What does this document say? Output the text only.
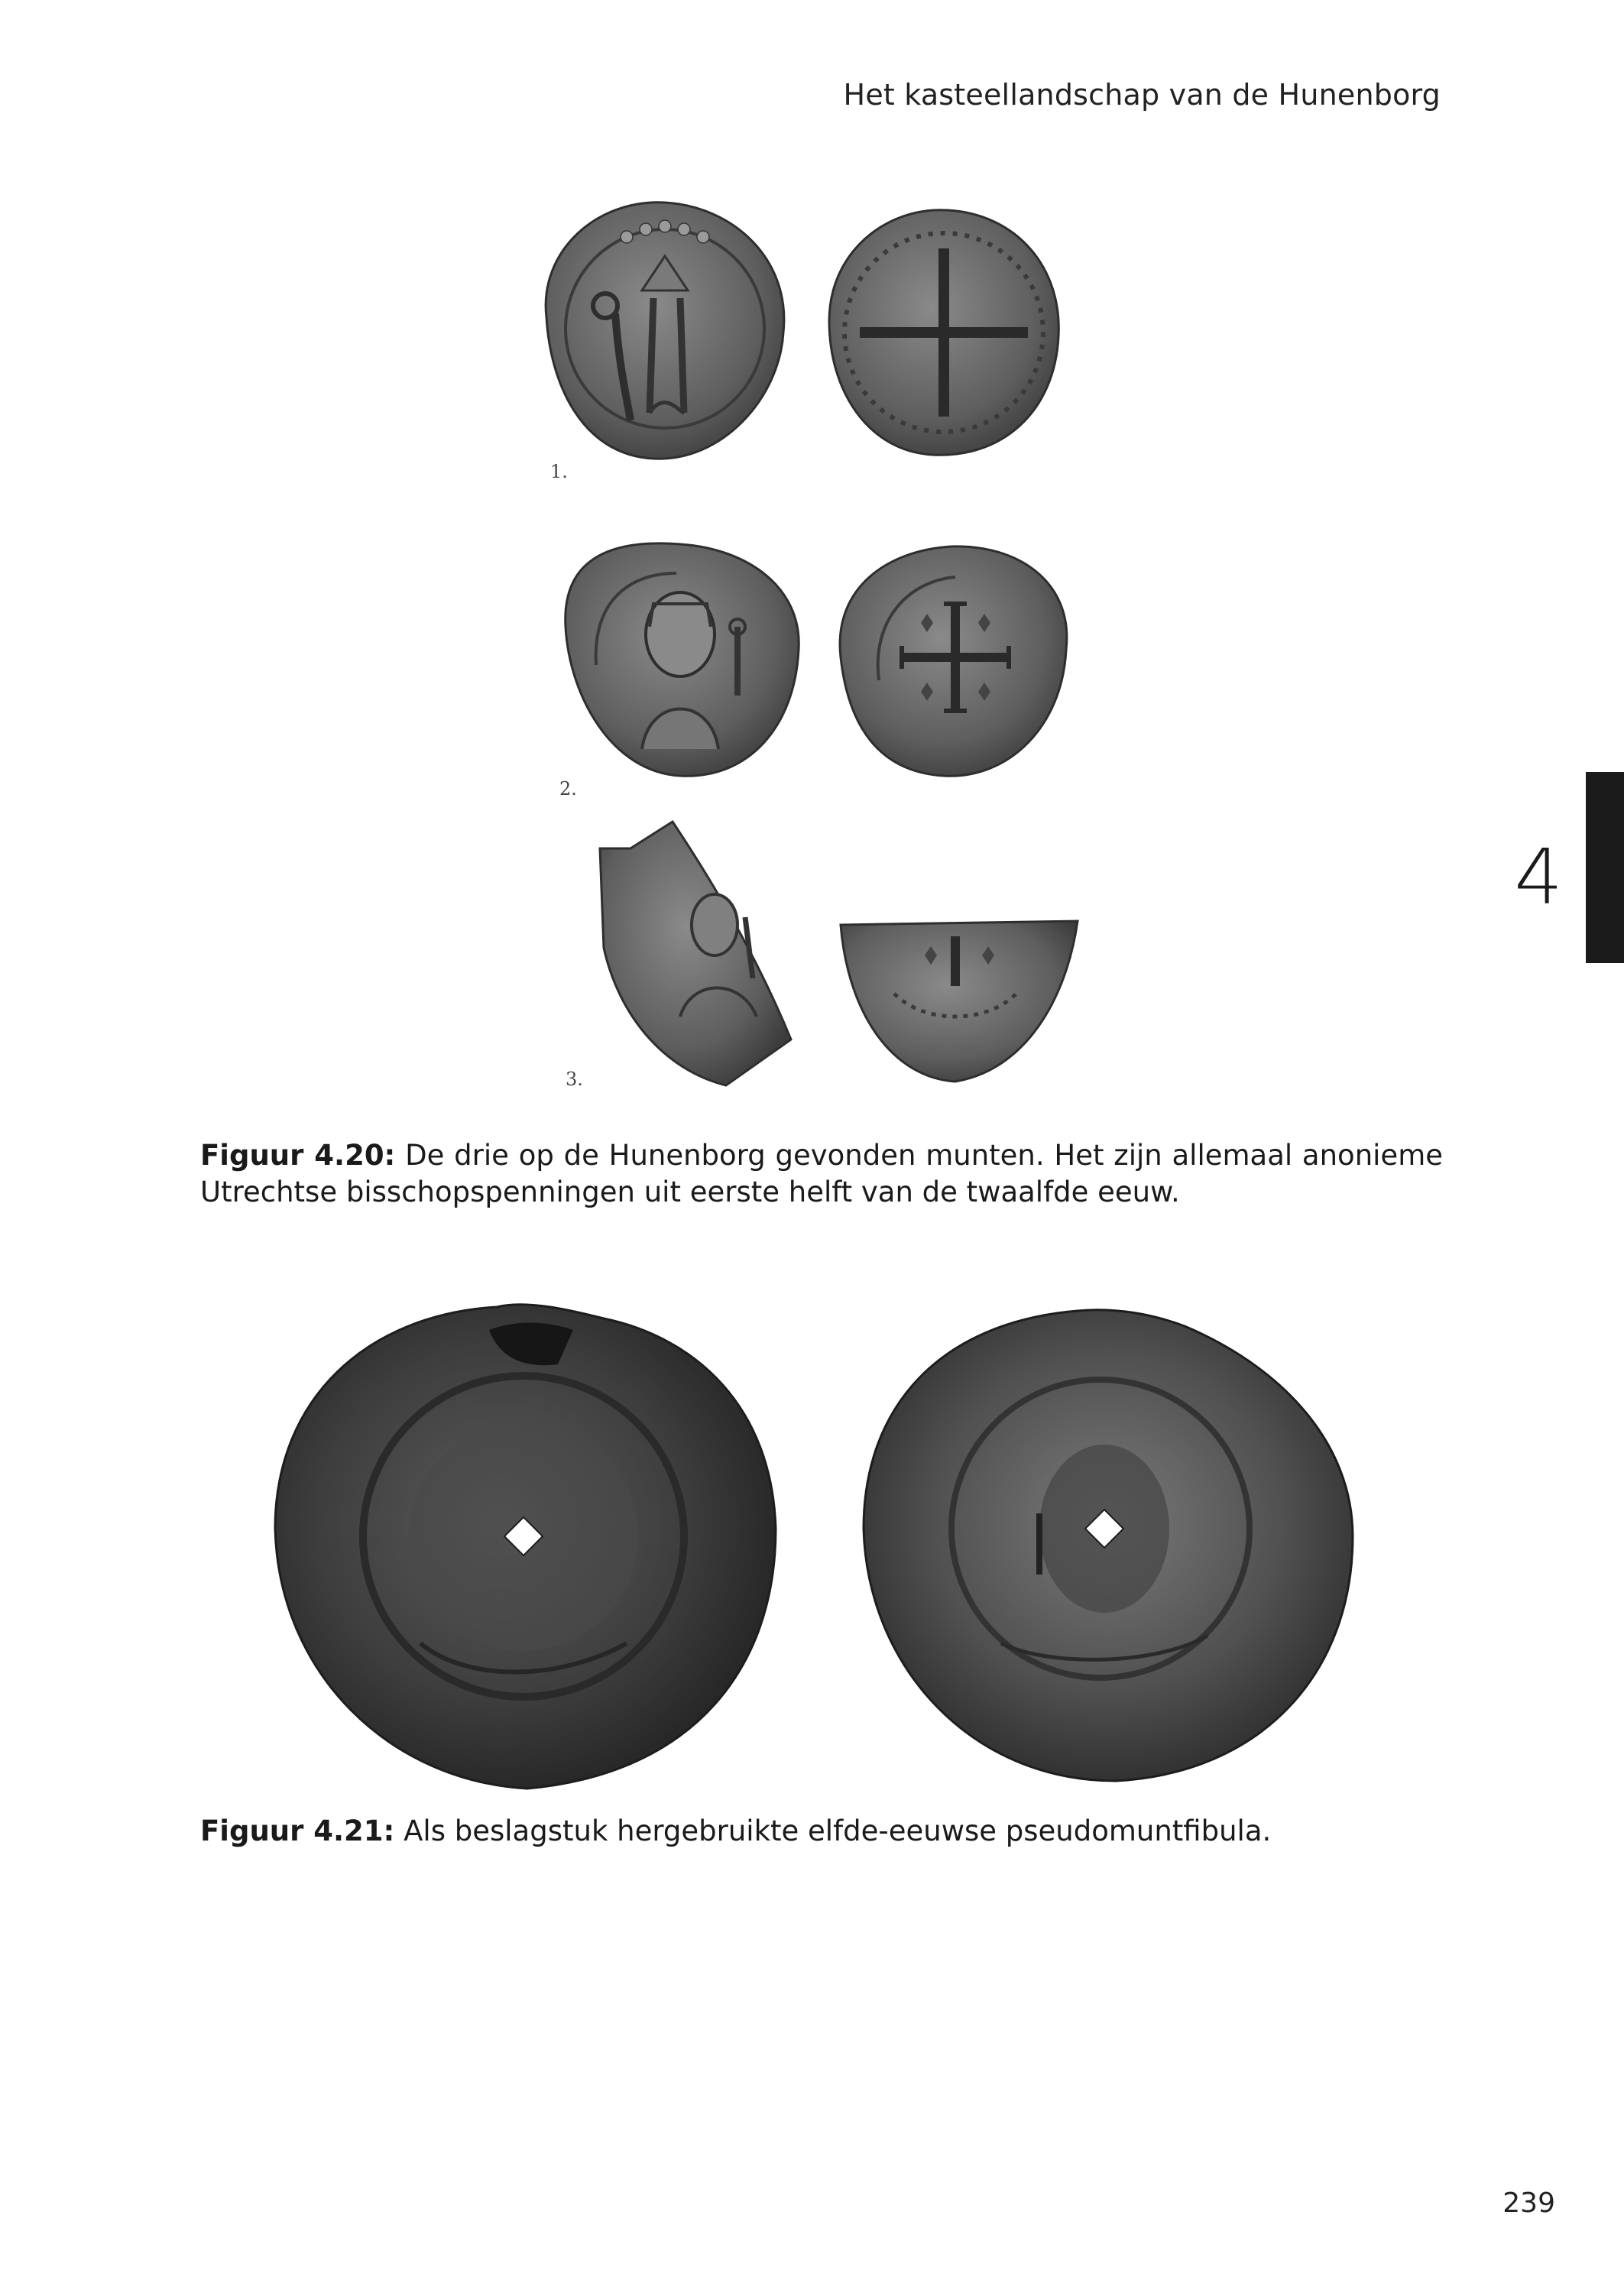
Het kasteellandschap van de Hunenborg
4
1.
2.
3.
Figuur 4.20: De drie op de Hunenborg gevonden munten. Het zijn allemaal anonieme Utrechtse bisschopspenningen uit eerste helft van de twaalfde eeuw.
Figuur 4.21: Als beslagstuk hergebruikte elfde-eeuwse pseudomuntfibula.
239
